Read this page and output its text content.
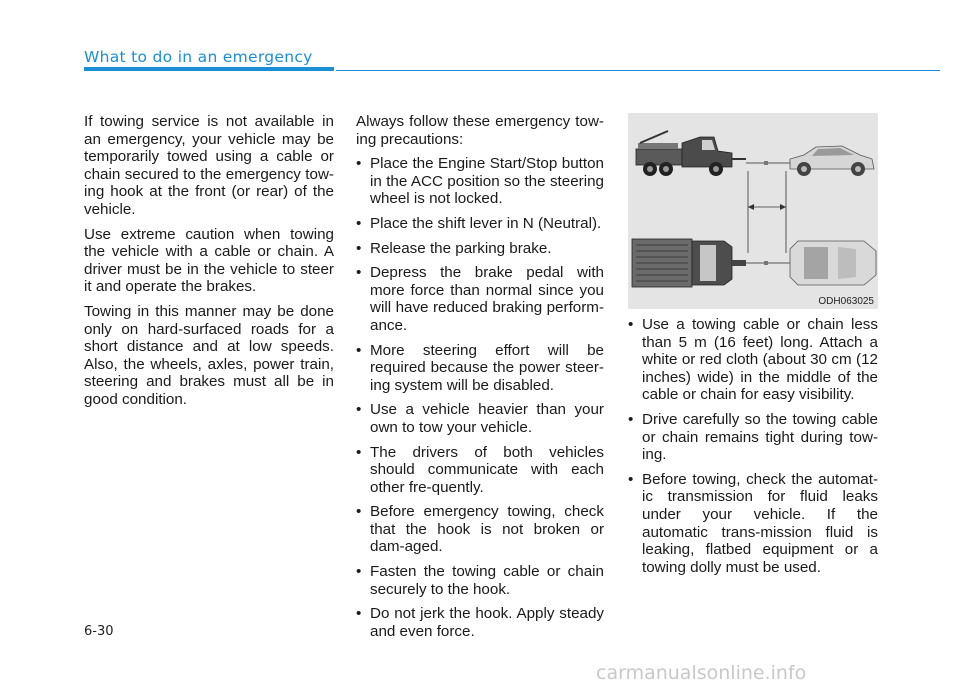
What to do in an emergency

If towing service is not available in an emergency, your vehicle may be temporarily towed using a cable or chain secured to the emergency tow-ing hook at the front (or rear) of the vehicle.

Use extreme caution when towing the vehicle with a cable or chain. A driver must be in the vehicle to steer it and operate the brakes.

Towing in this manner may be done only on hard-surfaced roads for a short distance and at low speeds. Also, the wheels, axles, power train, steering and brakes must all be in good condition.

Always follow these emergency tow-ing precautions:

• Place the Engine Start/Stop button in the ACC position so the steering wheel is not locked.
• Place the shift lever in N (Neutral).
• Release the parking brake.
• Depress the brake pedal with more force than normal since you will have reduced braking perform-ance.
• More steering effort will be required because the power steer-ing system will be disabled.
• Use a vehicle heavier than your own to tow your vehicle.
• The drivers of both vehicles should communicate with each other fre-quently.
• Before emergency towing, check that the hook is not broken or dam-aged.
• Fasten the towing cable or chain securely to the hook.
• Do not jerk the hook. Apply steady and even force.
ODH063025
• Use a towing cable or chain less than 5 m (16 feet) long. Attach a white or red cloth (about 30 cm (12 inches) wide) in the middle of the cable or chain for easy visibility.
• Drive carefully so the towing cable or chain remains tight during tow-ing.
• Before towing, check the automat-ic transmission for fluid leaks under your vehicle. If the automatic trans-mission fluid is leaking, flatbed equipment or a towing dolly must be used.
6-30
carmanualsonline.info
